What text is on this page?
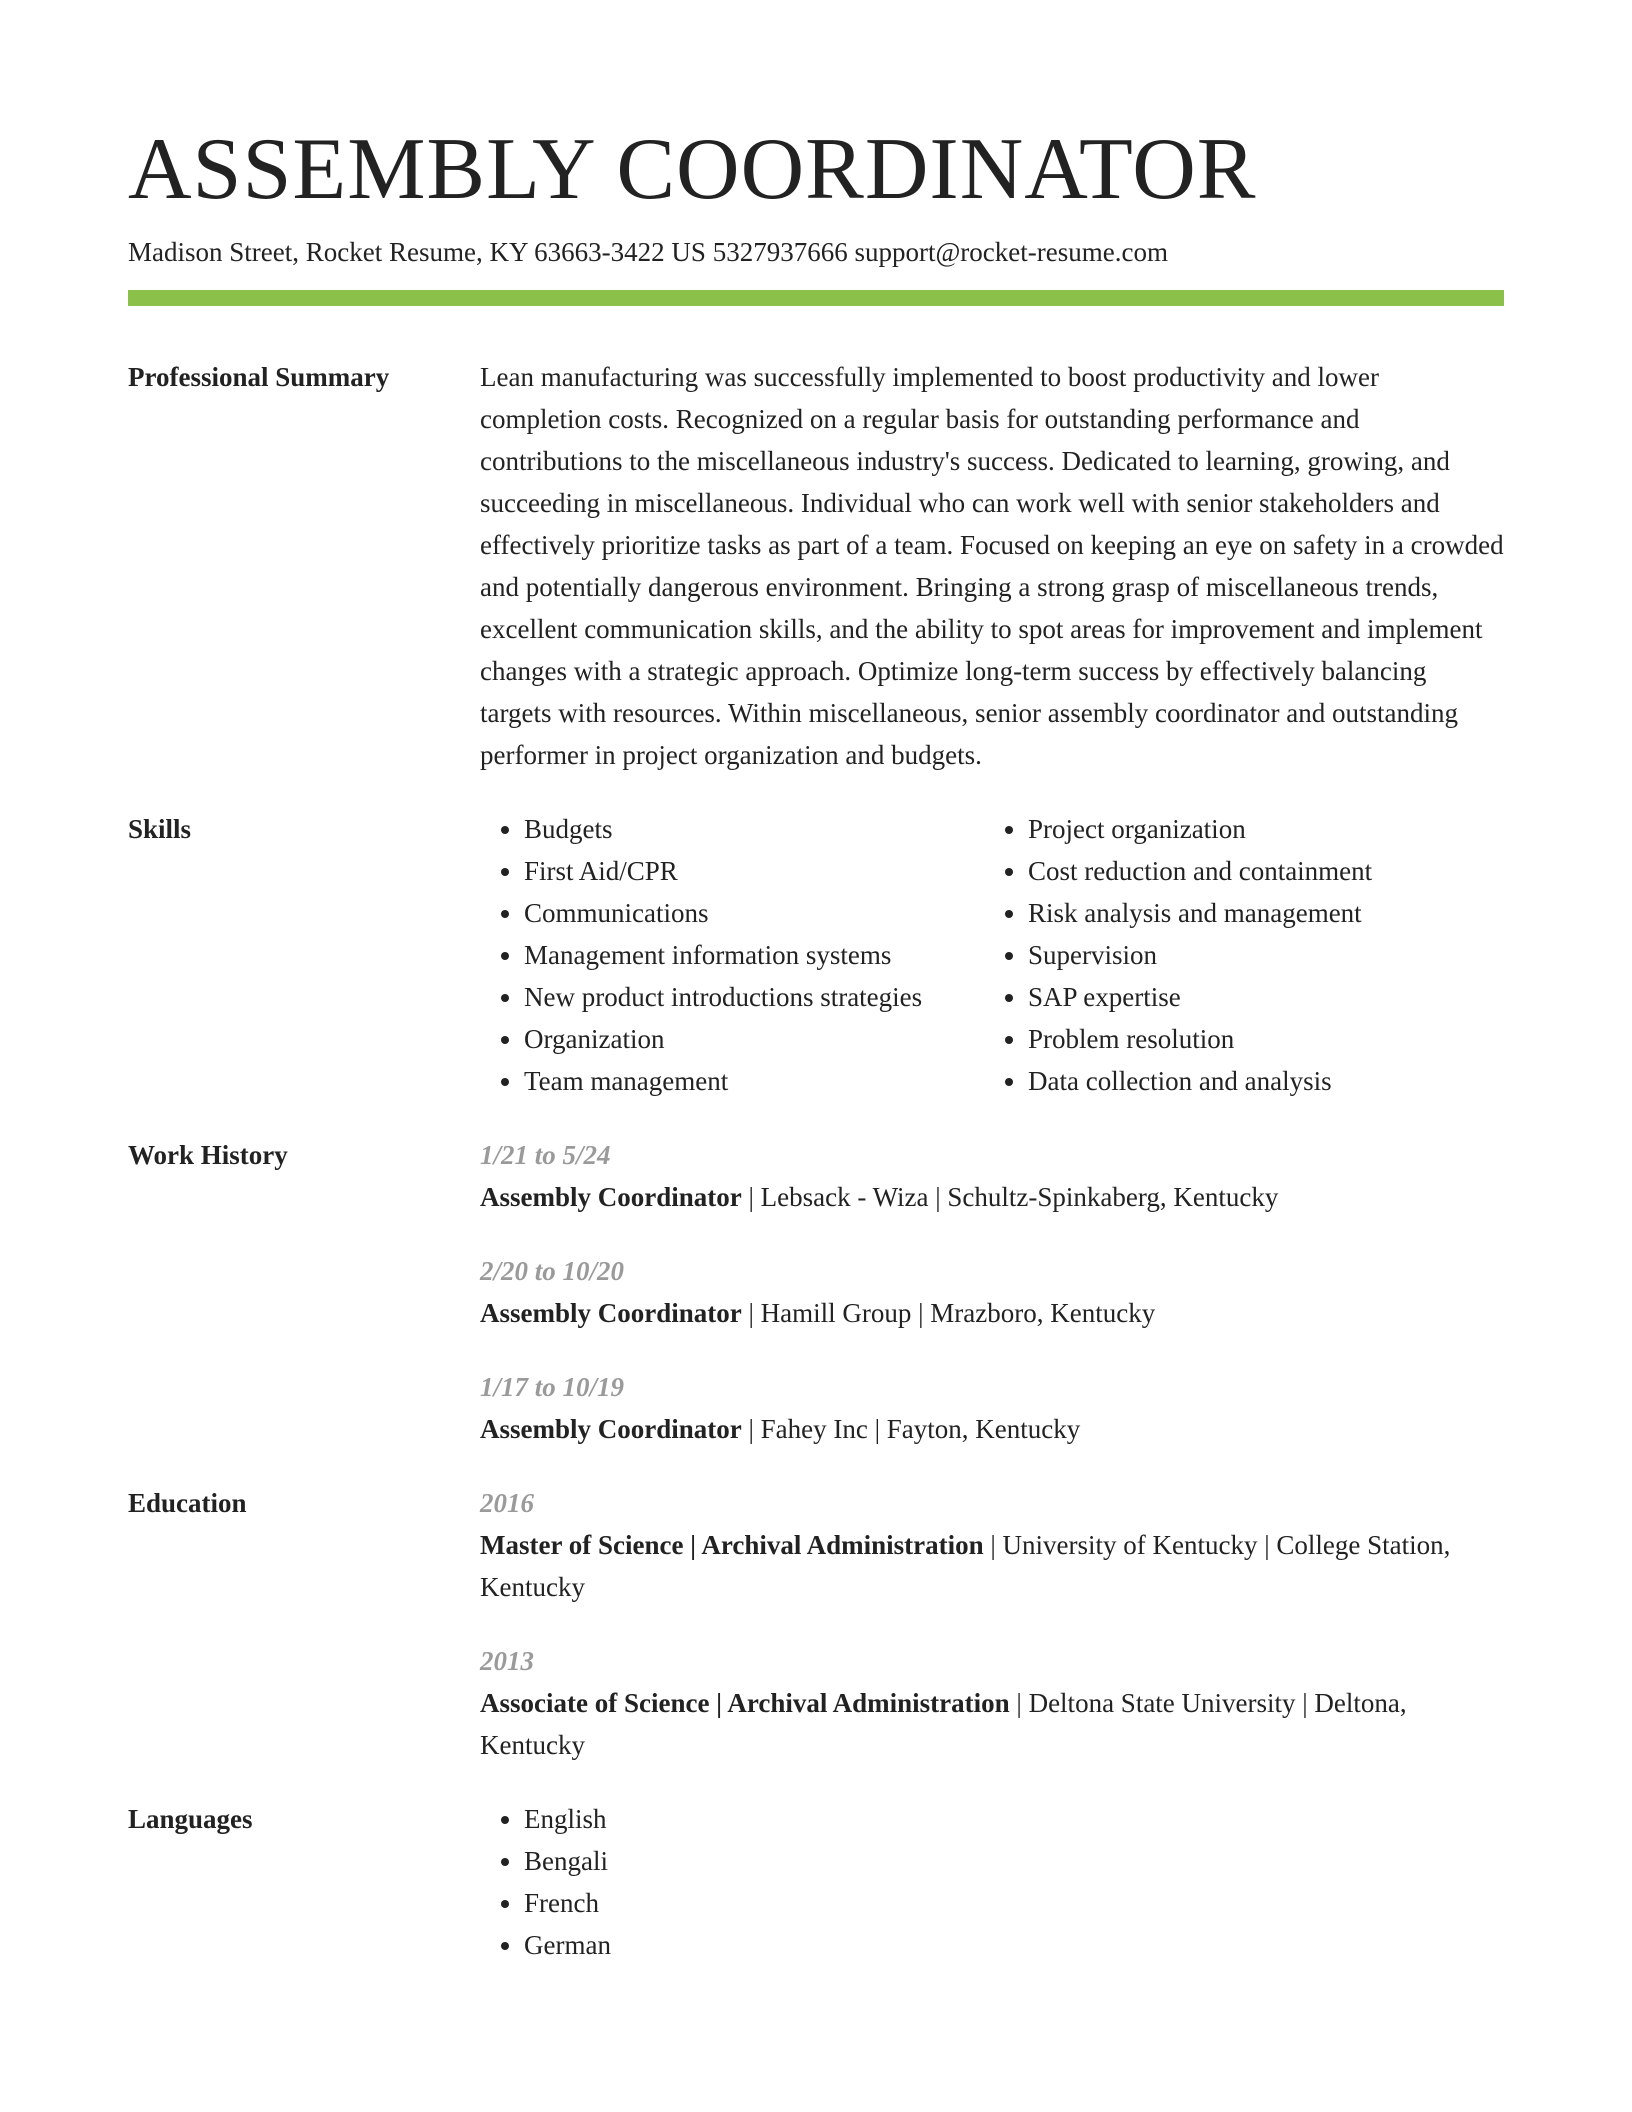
ASSEMBLY COORDINATOR
Madison Street, Rocket Resume, KY 63663-3422 US 5327937666 support@rocket-resume.com
Professional Summary	Lean manufacturing was successfully implemented to boost productivity and lower completion costs. Recognized on a regular basis for outstanding performance and contributions to the miscellaneous industry's success. Dedicated to learning, growing, and succeeding in miscellaneous. Individual who can work well with senior stakeholders and effectively prioritize tasks as part of a team. Focused on keeping an eye on safety in a crowded and potentially dangerous environment. Bringing a strong grasp of miscellaneous trends, excellent communication skills, and the ability to spot areas for improvement and implement changes with a strategic approach. Optimize long-term success by effectively balancing targets with resources. Within miscellaneous, senior assembly coordinator and outstanding performer in project organization and budgets.
Skills	• Budgets
• First Aid/CPR
• Communications
• Management information systems
• New product introductions strategies
• Organization
• Team management
• Project organization
• Cost reduction and containment
• Risk analysis and management
• Supervision
• SAP expertise
• Problem resolution
• Data collection and analysis
Work History	1/21 to 5/24
Assembly Coordinator | Lebsack - Wiza | Schultz-Spinkaberg, Kentucky
2/20 to 10/20
Assembly Coordinator | Hamill Group | Mrazboro, Kentucky
1/17 to 10/19
Assembly Coordinator | Fahey Inc | Fayton, Kentucky
Education	2016
Master of Science | Archival Administration | University of Kentucky | College Station, Kentucky
2013
Associate of Science | Archival Administration | Deltona State University | Deltona, Kentucky
Languages	• English
• Bengali
• French
• German
